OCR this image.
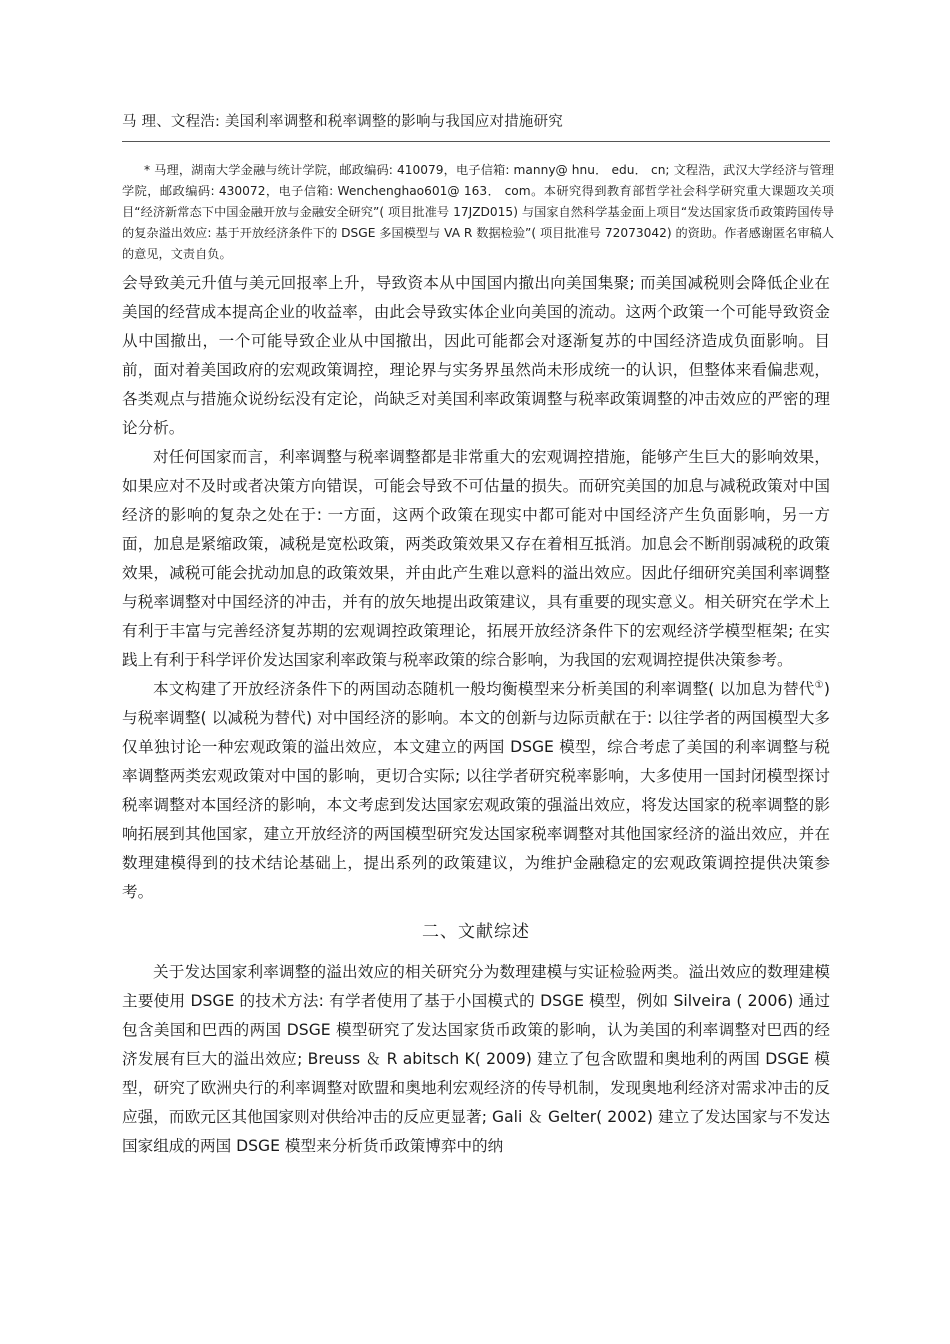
马 理、文程浩: 美国利率调整和税率调整的影响与我国应对措施研究

* 马理，湖南大学金融与统计学院，邮政编码: 410079，电子信箱: manny@ hnu． edu． cn; 文程浩，武汉大学经济与管理学院，邮政编码: 430072，电子信箱: Wenchenghao601@ 163． com。本研究得到教育部哲学社会科学研究重大课题攻关项目“经济新常态下中国金融开放与金融安全研究”( 项目批准号 17JZD015) 与国家自然科学基金面上项目“发达国家货币政策跨国传导的复杂溢出效应: 基于开放经济条件下的 DSGE 多国模型与 VA R 数据检验”( 项目批准号 72073042) 的资助。作者感谢匿名审稿人的意见，文责自负。

会导致美元升值与美元回报率上升，导致资本从中国国内撤出向美国集聚; 而美国减税则会降低企业在美国的经营成本提高企业的收益率，由此会导致实体企业向美国的流动。这两个政策一个可能导致资金从中国撤出，一个可能导致企业从中国撤出，因此可能都会对逐渐复苏的中国经济造成负面影响。目前，面对着美国政府的宏观政策调控，理论界与实务界虽然尚未形成统一的认识，但整体来看偏悲观，各类观点与措施众说纷纭没有定论，尚缺乏对美国利率政策调整与税率政策调整的冲击效应的严密的理论分析。

对任何国家而言，利率调整与税率调整都是非常重大的宏观调控措施，能够产生巨大的影响效果，如果应对不及时或者决策方向错误，可能会导致不可估量的损失。而研究美国的加息与减税政策对中国经济的影响的复杂之处在于: 一方面，这两个政策在现实中都可能对中国经济产生负面影响，另一方面，加息是紧缩政策，减税是宽松政策，两类政策效果又存在着相互抵消。加息会不断削弱减税的政策效果，减税可能会扰动加息的政策效果，并由此产生难以意料的溢出效应。因此仔细研究美国利率调整与税率调整对中国经济的冲击，并有的放矢地提出政策建议，具有重要的现实意义。相关研究在学术上有利于丰富与完善经济复苏期的宏观调控政策理论，拓展开放经济条件下的宏观经济学模型框架; 在实践上有利于科学评价发达国家利率政策与税率政策的综合影响，为我国的宏观调控提供决策参考。

本文构建了开放经济条件下的两国动态随机一般均衡模型来分析美国的利率调整( 以加息为替代①) 与税率调整( 以减税为替代) 对中国经济的影响。本文的创新与边际贡献在于: 以往学者的两国模型大多仅单独讨论一种宏观政策的溢出效应，本文建立的两国 DSGE 模型，综合考虑了美国的利率调整与税率调整两类宏观政策对中国的影响，更切合实际; 以往学者研究税率影响，大多使用一国封闭模型探讨税率调整对本国经济的影响，本文考虑到发达国家宏观政策的强溢出效应，将发达国家的税率调整的影响拓展到其他国家，建立开放经济的两国模型研究发达国家税率调整对其他国家经济的溢出效应，并在数理建模得到的技术结论基础上，提出系列的政策建议，为维护金融稳定的宏观政策调控提供决策参考。

二、文献综述

关于发达国家利率调整的溢出效应的相关研究分为数理建模与实证检验两类。溢出效应的数理建模主要使用 DSGE 的技术方法: 有学者使用了基于小国模式的 DSGE 模型，例如 Silveira ( 2006) 通过包含美国和巴西的两国 DSGE 模型研究了发达国家货币政策的影响，认为美国的利率调整对巴西的经济发展有巨大的溢出效应; Breuss ＆ R abitsch K( 2009) 建立了包含欧盟和奥地利的两国 DSGE 模型，研究了欧洲央行的利率调整对欧盟和奥地利宏观经济的传导机制，发现奥地利经济对需求冲击的反应强，而欧元区其他国家则对供给冲击的反应更显著; Gali ＆ Gelter( 2002) 建立了发达国家与不发达国家组成的两国 DSGE 模型来分析货币政策博弈中的纳
